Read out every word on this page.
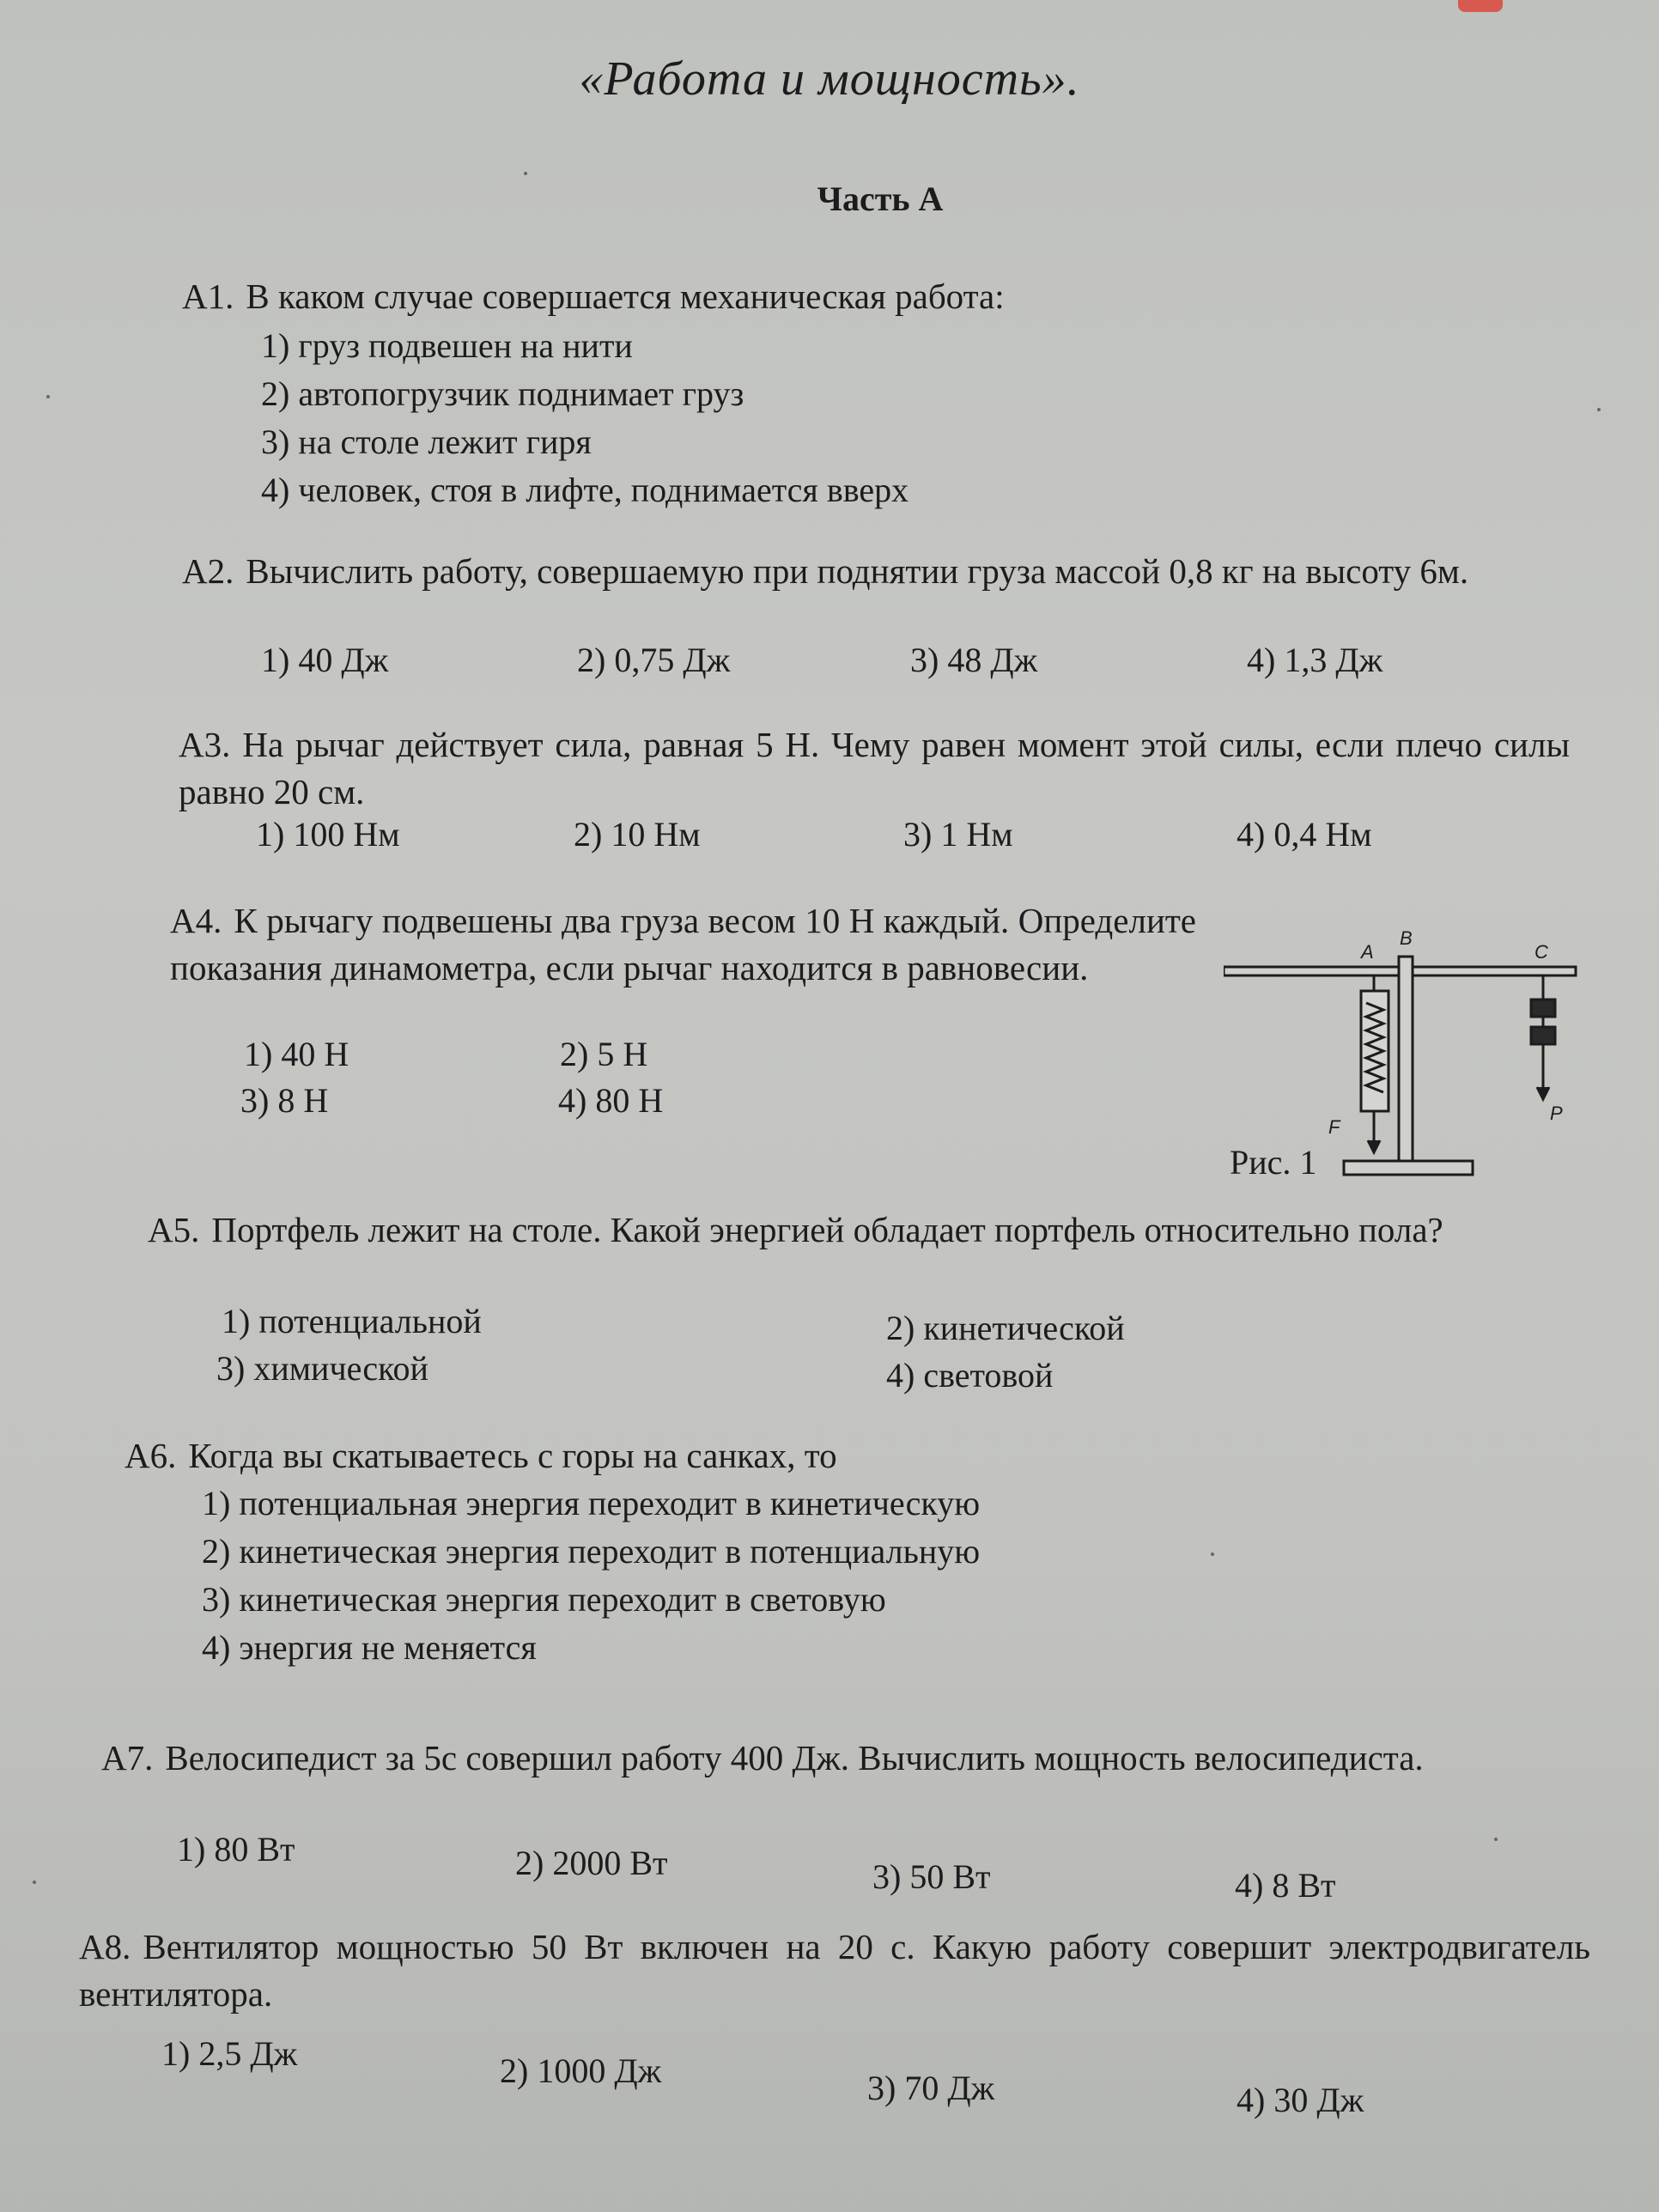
«Работа и мощность».
Часть А
А1. В каком случае совершается механическая работа:
1) груз подвешен на нити
2) автопогрузчик поднимает груз
3) на столе лежит гиря
4) человек, стоя в лифте, поднимается вверх
А2. Вычислить работу, совершаемую при поднятии груза массой 0,8 кг на высоту 6м.
1) 40 Дж	2) 0,75 Дж	3) 48 Дж	4) 1,3 Дж
А3. На рычаг действует сила, равная 5 Н. Чему равен момент этой силы, если плечо силы равно 20 см.
1) 100 Нм	2) 10 Нм	3) 1 Нм	4) 0,4 Нм
А4. К рычагу подвешены два груза весом 10 Н каждый. Определите показания динамометра, если рычаг находится в равновесии.
1) 40 Н	2) 5 Н
3) 8 Н	4) 80 Н
A
B
C
F
P
Рис. 1
А5. Портфель лежит на столе. Какой энергией обладает портфель относительно пола?
1) потенциальной	2) кинетической
3) химической	4) световой
А6. Когда вы скатываетесь с горы на санках, то
1) потенциальная энергия переходит в кинетическую
2) кинетическая энергия переходит в потенциальную
3) кинетическая энергия переходит в световую
4) энергия не меняется
А7. Велосипедист за 5с совершил работу 400 Дж. Вычислить мощность велосипедиста.
1) 80 Вт	2) 2000 Вт	3) 50 Вт	4) 8 Вт
А8. Вентилятор мощностью 50 Вт включен на 20 с. Какую работу совершит электродвигатель вентилятора.
1) 2,5 Дж	2) 1000 Дж	3) 70 Дж	4) 30 Дж
